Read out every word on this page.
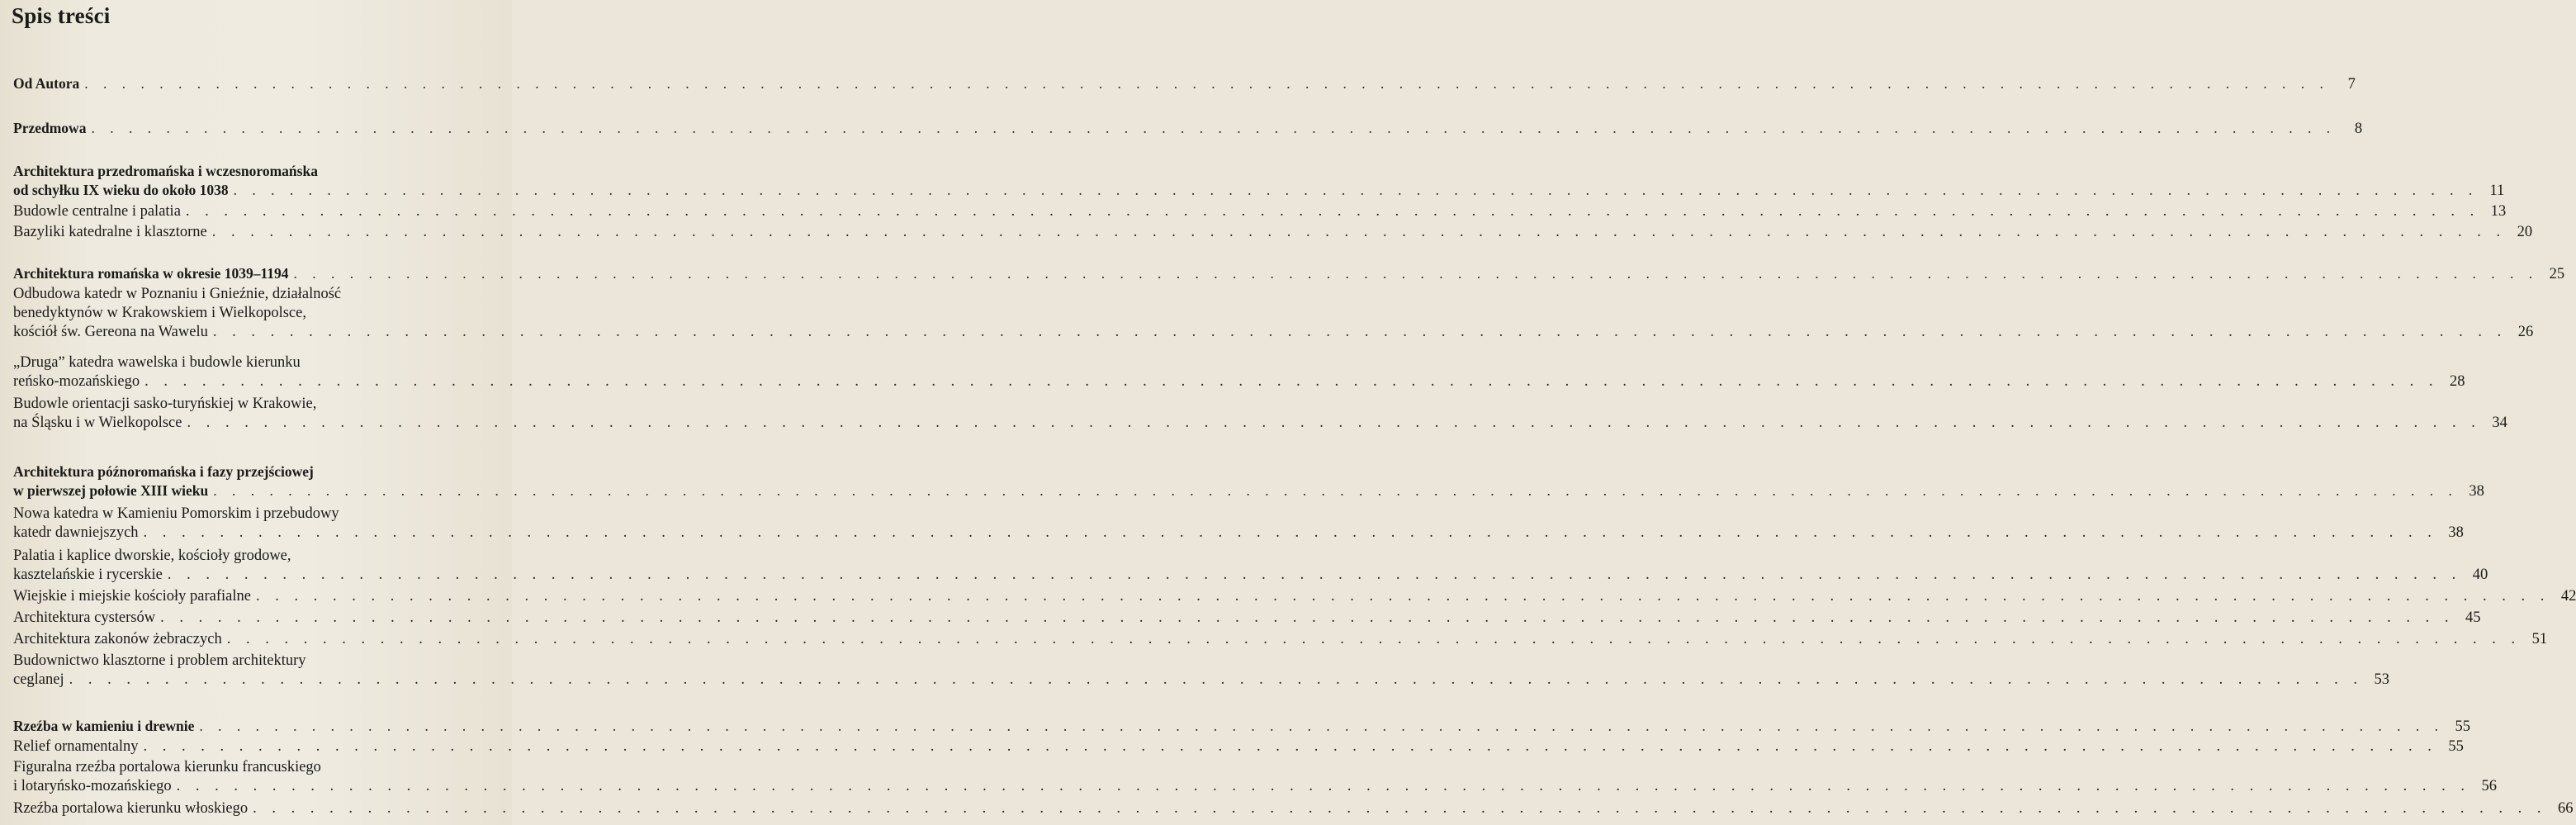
Spis treści
Od Autora . . . . . . . . . . . . . . . . . . . . . . . . . . . . . . . . . . . . . . . . . . . . . . . . . . . . . . . . . . . . . . . . . . . . . . . . . . . . . . . . . . . . . . . . . . . . . . . . . . . . . . . . . . . . . . . . . . . . . . . .	7
Przedmowa . . . . . . . . . . . . . . . . . . . . . . . . . . . . . . . . . . . . . . . . . . . . . . . . . . . . . . . . . . . . . . . . . . . . . . . . . . . . . . . . . . . . . . . . . . . . . . . . . . . . . . . . . . . . . . . . . . . . . . . .	8
Architektura przedromańska i wczesnoromańska
od schyłku IX wieku do około 1038 . . . . . . . . . . . . . . . . . . . . . . . . . . . . . . . . . . . . . . . . . . . . . . . . . . . . . . . . . . . . . . . . . . . . . . . . . . . . . . . . . . . . . . . . . . . . . . . . . . . . . . . . . . . . . . . . . . . . . . . . 11
Budowle centralne i palatia . . . . . . . . . . . . . . . . . . . . . . . . . . . . . . . . . . . . . . . . . . . . . . . . . . . . . . . . . . . . . . . . . . . . . . . . . . . . . . . . . . . . . . . . . . . . . . . . . . . . . . . . . . . . . . . . . . . . . . . . 13
Bazyliki katedralne i klasztorne . . . . . . . . . . . . . . . . . . . . . . . . . . . . . . . . . . . . . . . . . . . . . . . . . . . . . . . . . . . . . . . . . . . . . . . . . . . . . . . . . . . . . . . . . . . . . . . . . . . . . . . . . . . . . . . . . . . . . . . . 20
Architektura romańska w okresie 1039–1194 . . . . . . . . . . . . . . . . . . . . . . . . . . . . . . . . . . . . . . . . . . . . . . . . . . . . . . . . . . . . . . . . . . . . . . . . . . . . . . . . . . . . . . . . . . . . . . . . . . . . . . . . . . . . . . . . . . . . . . . . 25
Odbudowa katedr w Poznaniu i Gnieźnie, działalność
benedyktynów w Krakowskiem i Wielkopolsce,
kościół św. Gereona na Wawelu . . . . . . . . . . . . . . . . . . . . . . . . . . . . . . . . . . . . . . . . . . . . . . . . . . . . . . . . . . . . . . . . . . . . . . . . . . . . . . . . . . . . . . . . . . . . . . . . . . . . . . . . . . . . . . . . . . . . . . . . 26
„Druga” katedra wawelska i budowle kierunku
reńsko-mozańskiego . . . . . . . . . . . . . . . . . . . . . . . . . . . . . . . . . . . . . . . . . . . . . . . . . . . . . . . . . . . . . . . . . . . . . . . . . . . . . . . . . . . . . . . . . . . . . . . . . . . . . . . . . . . . . . . . . . . . . . . . 28
Budowle orientacji sasko-turyńskiej w Krakowie,
na Śląsku i w Wielkopolsce . . . . . . . . . . . . . . . . . . . . . . . . . . . . . . . . . . . . . . . . . . . . . . . . . . . . . . . . . . . . . . . . . . . . . . . . . . . . . . . . . . . . . . . . . . . . . . . . . . . . . . . . . . . . . . . . . . . . . . . . 34
Architektura późnoromańska i fazy przejściowej
w pierwszej połowie XIII wieku . . . . . . . . . . . . . . . . . . . . . . . . . . . . . . . . . . . . . . . . . . . . . . . . . . . . . . . . . . . . . . . . . . . . . . . . . . . . . . . . . . . . . . . . . . . . . . . . . . . . . . . . . . . . . . . . . . . . . . . . 38
Nowa katedra w Kamieniu Pomorskim i przebudowy
katedr dawniejszych . . . . . . . . . . . . . . . . . . . . . . . . . . . . . . . . . . . . . . . . . . . . . . . . . . . . . . . . . . . . . . . . . . . . . . . . . . . . . . . . . . . . . . . . . . . . . . . . . . . . . . . . . . . . . . . . . . . . . . . . 38
Palatia i kaplice dworskie, kościoły grodowe,
kasztelańskie i rycerskie . . . . . . . . . . . . . . . . . . . . . . . . . . . . . . . . . . . . . . . . . . . . . . . . . . . . . . . . . . . . . . . . . . . . . . . . . . . . . . . . . . . . . . . . . . . . . . . . . . . . . . . . . . . . . . . . . . . . . . . . 40
Wiejskie i miejskie kościoły parafialne . . . . . . . . . . . . . . . . . . . . . . . . . . . . . . . . . . . . . . . . . . . . . . . . . . . . . . . . . . . . . . . . . . . . . . . . . . . . . . . . . . . . . . . . . . . . . . . . . . . . . . . . . . . . . . . . . . . . . . . . 42
Architektura cystersów . . . . . . . . . . . . . . . . . . . . . . . . . . . . . . . . . . . . . . . . . . . . . . . . . . . . . . . . . . . . . . . . . . . . . . . . . . . . . . . . . . . . . . . . . . . . . . . . . . . . . . . . . . . . . . . . . . . . . . . . 45
Architektura zakonów żebraczych . . . . . . . . . . . . . . . . . . . . . . . . . . . . . . . . . . . . . . . . . . . . . . . . . . . . . . . . . . . . . . . . . . . . . . . . . . . . . . . . . . . . . . . . . . . . . . . . . . . . . . . . . . . . . . . . . . . . . . . . 51
Budownictwo klasztorne i problem architektury
ceglanej . . . . . . . . . . . . . . . . . . . . . . . . . . . . . . . . . . . . . . . . . . . . . . . . . . . . . . . . . . . . . . . . . . . . . . . . . . . . . . . . . . . . . . . . . . . . . . . . . . . . . . . . . . . . . . . . . . . . . . . . 53
Rzeźba w kamieniu i drewnie . . . . . . . . . . . . . . . . . . . . . . . . . . . . . . . . . . . . . . . . . . . . . . . . . . . . . . . . . . . . . . . . . . . . . . . . . . . . . . . . . . . . . . . . . . . . . . . . . . . . . . . . . . . . . . . . . . . . . . . . 55
Relief ornamentalny . . . . . . . . . . . . . . . . . . . . . . . . . . . . . . . . . . . . . . . . . . . . . . . . . . . . . . . . . . . . . . . . . . . . . . . . . . . . . . . . . . . . . . . . . . . . . . . . . . . . . . . . . . . . . . . . . . . . . . . . 55
Figuralna rzeźba portalowa kierunku francuskiego
i lotaryńsko-mozańskiego . . . . . . . . . . . . . . . . . . . . . . . . . . . . . . . . . . . . . . . . . . . . . . . . . . . . . . . . . . . . . . . . . . . . . . . . . . . . . . . . . . . . . . . . . . . . . . . . . . . . . . . . . . . . . . . . . . . . . . . . 56
Rzeźba portalowa kierunku włoskiego . . . . . . . . . . . . . . . . . . . . . . . . . . . . . . . . . . . . . . . . . . . . . . . . . . . . . . . . . . . . . . . . . . . . . . . . . . . . . . . . . . . . . . . . . . . . . . . . . . . . . . . . . . . . . . . . . . . . . . . . 66
